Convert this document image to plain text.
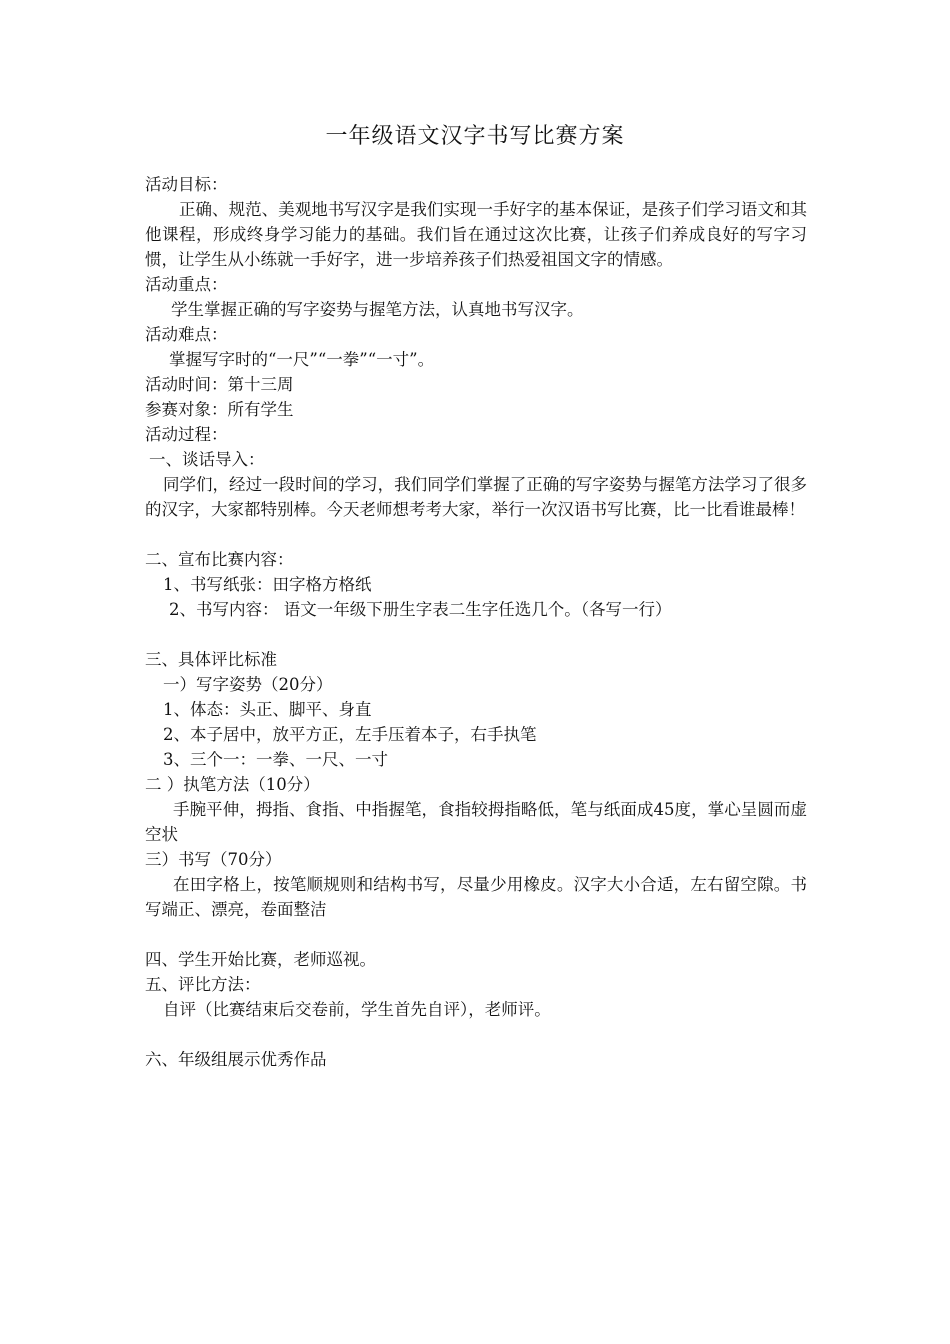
一年级语文汉字书写比赛方案
活动目标：
正确、规范、美观地书写汉字是我们实现一手好字的基本保证，是孩子们学习语文和其他课程，形成终身学习能力的基础。我们旨在通过这次比赛，让孩子们养成良好的写字习惯，让学生从小练就一手好字，进一步培养孩子们热爱祖国文字的情感。
活动重点：
学生掌握正确的写字姿势与握笔方法，认真地书写汉字。
活动难点：
掌握写字时的“一尺”“一拳”“一寸”。
活动时间：第十三周
参赛对象：所有学生
活动过程：
一、谈话导入：
同学们，经过一段时间的学习，我们同学们掌握了正确的写字姿势与握笔方法学习了很多的汉字，大家都特别棒。今天老师想考考大家，举行一次汉语书写比赛，比一比看谁最棒！
二、宣布比赛内容：
1、书写纸张：田字格方格纸
2、书写内容： 语文一年级下册生字表二生字任选几个。（各写一行）
三、具体评比标准
一）写字姿势（20分）
1、体态：头正、脚平、身直
2、本子居中，放平方正，左手压着本子，右手执笔
3、三个一：一拳、一尺、一寸
二 ）执笔方法（10分）
手腕平伸，拇指、食指、中指握笔，食指较拇指略低，笔与纸面成45度，掌心呈圆而虚空状
三）书写（70分）
在田字格上，按笔顺规则和结构书写，尽量少用橡皮。汉字大小合适，左右留空隙。书写端正、漂亮，卷面整洁
四、学生开始比赛，老师巡视。
五、评比方法：
自评（比赛结束后交卷前，学生首先自评），老师评。
六、年级组展示优秀作品
